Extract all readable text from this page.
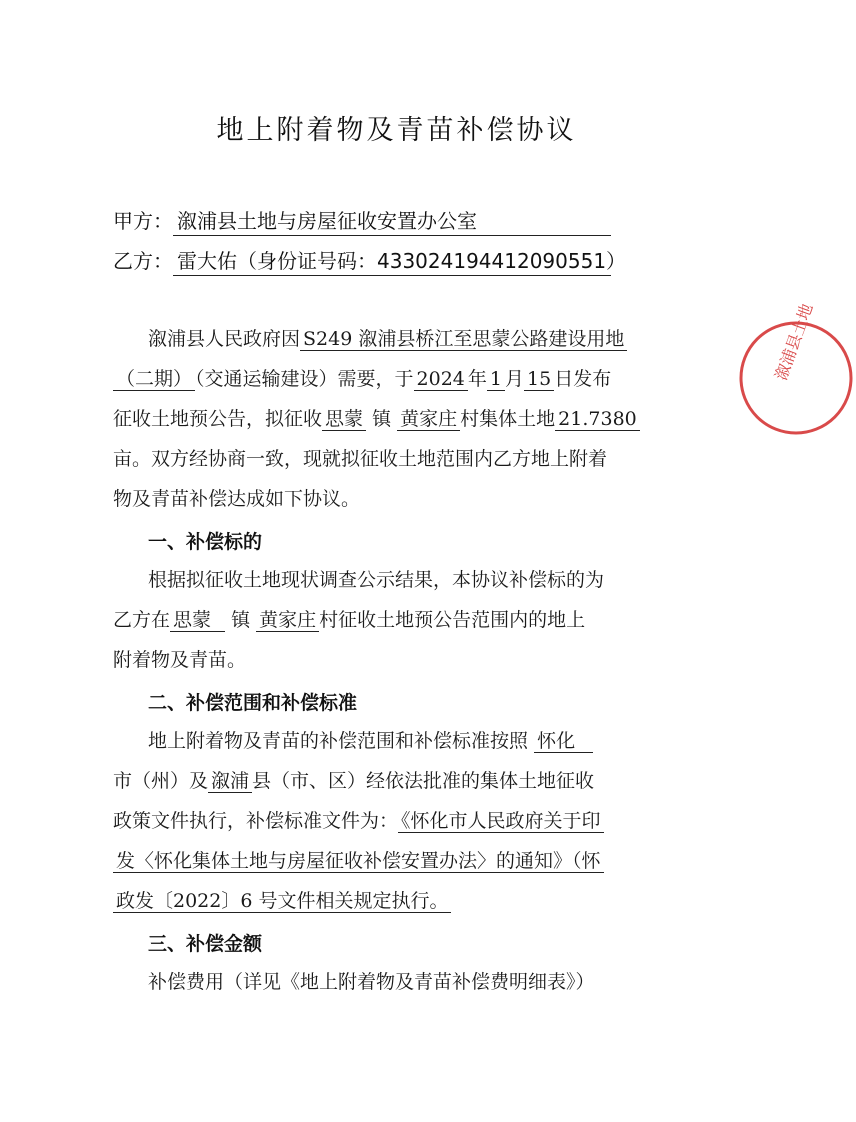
地上附着物及青苗补偿协议
甲方： 溆浦县土地与房屋征收安置办公室
乙方： 雷大佑（身份证号码：433024194412090551）
溆浦县人民政府因 S249 溆浦县桥江至思蒙公路建设用地
（二期） （交通运输建设）需要，于 2024 年 1 月 15 日发布
征收土地预公告，拟征收 思蒙 镇 黄家庄 村集体土地 21.7380
亩。双方经协商一致，现就拟征收土地范围内乙方地上附着
物及青苗补偿达成如下协议。
一、补偿标的
根据拟征收土地现状调查公示结果，本协议补偿标的为
乙方在 思蒙 镇 黄家庄 村征收土地预公告范围内的地上
附着物及青苗。
二、补偿范围和补偿标准
地上附着物及青苗的补偿范围和补偿标准按照 怀化
市（州）及 溆浦 县（市、区）经依法批准的集体土地征收
政策文件执行，补偿标准文件为： 《怀化市人民政府关于印
发〈怀化集体土地与房屋征收补偿安置办法〉的通知》（怀
政发〔2022〕6 号文件相关规定执行。
三、补偿金额
补偿费用（详见《地上附着物及青苗补偿费明细表》）
溆浦县土地
